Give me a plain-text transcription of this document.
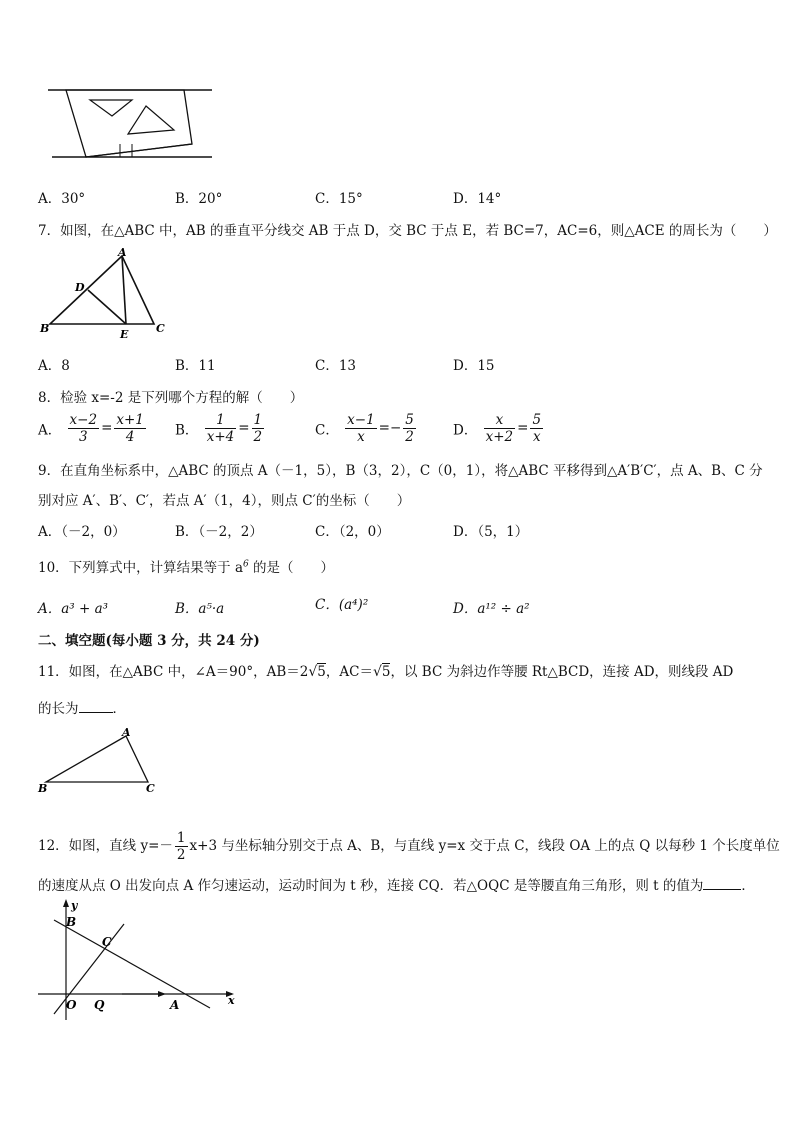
A．30°	B．20°	C．15°	D．14°
7．如图，在△ABC 中，AB 的垂直平分线交 AB 于点 D，交 BC 于点 E，若 BC=7，AC=6，则△ACE 的周长为（　　）
A
D
B	E	C
A．8	B．11	C．13	D．15
8．检验 x=-2 是下列哪个方程的解（　　）
A． $\frac{x-2}{3} = \frac{x+1}{4}$ B． $\frac{1}{x+4} = \frac{1}{2}$	C． $\frac{x-1}{x} =- \frac{5}{2}$	D． $\frac{x}{x+2} = \frac{5}{x}$
9．在直角坐标系中，△ABC 的顶点 A（－1，5），B（3，2），C（0，1），将△ABC 平移得到△A′B′C′，点 A、B、C 分
别对应 A′、B′、C′，若点 A′（1，4），则点 C′的坐标（　　）
A．（－2，0）	B．（－2，2）	C．（2，0）	D．（5，1）
10．下列算式中，计算结果等于 $a^6$ 的是（　　）
A．a³ + a³	B．a⁵·a	C．(a⁴)²	D．a¹² ÷ a²
二、填空题(每小题 3 分，共 24 分)
11．如图，在△ABC 中，∠A＝90°，AB＝2√5，AC＝√5，以 BC 为斜边作等腰 Rt△BCD，连接 AD，则线段 AD
的长为	．
A
B	C
12．如图，直线 $y=- \frac{1}{2} x+3$ 与坐标轴分别交于点 A、B，与直线 y=x 交于点 C，线段 OA 上的点 Q 以每秒 1 个长度单位
的速度从点 O 出发向点 A 作匀速运动，运动时间为 t 秒，连接 CQ．若△OQC 是等腰直角三角形，则 t 的值为	．
y
x
B
C
O Q	A
